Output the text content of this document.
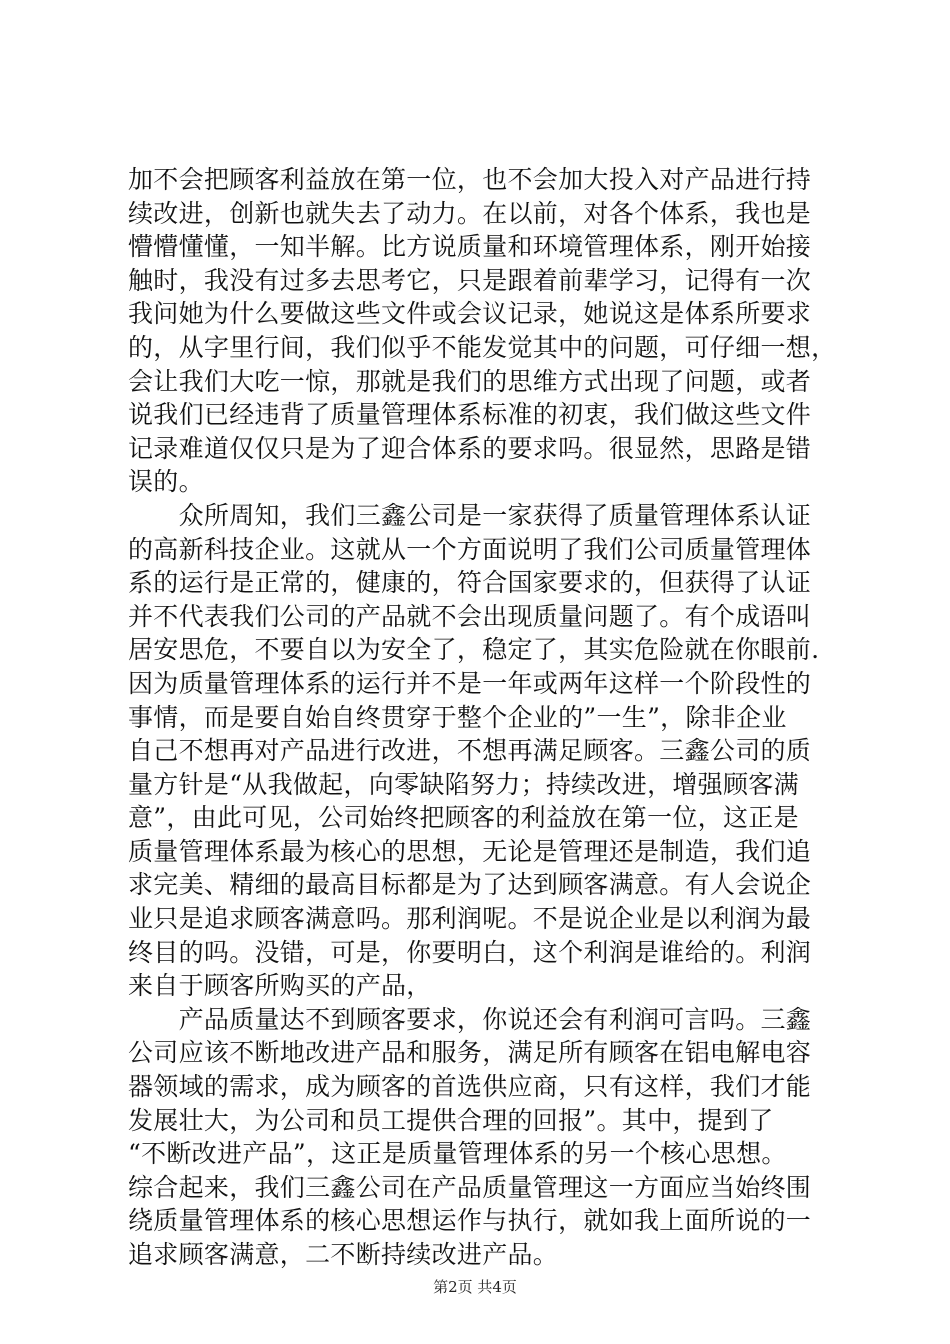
加不会把顾客利益放在第一位，也不会加大投入对产品进行持
续改进，创新也就失去了动力。在以前，对各个体系，我也是
懵懵懂懂，一知半解。比方说质量和环境管理体系，刚开始接
触时，我没有过多去思考它，只是跟着前辈学习，记得有一次
我问她为什么要做这些文件或会议记录，她说这是体系所要求
的，从字里行间，我们似乎不能发觉其中的问题，可仔细一想，
会让我们大吃一惊，那就是我们的思维方式出现了问题，或者
说我们已经违背了质量管理体系标准的初衷，我们做这些文件
记录难道仅仅只是为了迎合体系的要求吗。很显然，思路是错
误的。
　　众所周知，我们三鑫公司是一家获得了质量管理体系认证
的高新科技企业。这就从一个方面说明了我们公司质量管理体
系的运行是正常的，健康的，符合国家要求的，但获得了认证
并不代表我们公司的产品就不会出现质量问题了。有个成语叫
居安思危，不要自以为安全了，稳定了，其实危险就在你眼前.
因为质量管理体系的运行并不是一年或两年这样一个阶段性的
事情，而是要自始自终贯穿于整个企业的”一生”，除非企业
自己不想再对产品进行改进，不想再满足顾客。三鑫公司的质
量方针是“从我做起，向零缺陷努力；持续改进，增强顾客满
意”，由此可见，公司始终把顾客的利益放在第一位，这正是
质量管理体系最为核心的思想，无论是管理还是制造，我们追
求完美、精细的最高目标都是为了达到顾客满意。有人会说企
业只是追求顾客满意吗。那利润呢。不是说企业是以利润为最
终目的吗。没错，可是，你要明白，这个利润是谁给的。利润
来自于顾客所购买的产品，
　　产品质量达不到顾客要求，你说还会有利润可言吗。三鑫
公司应该不断地改进产品和服务，满足所有顾客在铝电解电容
器领域的需求，成为顾客的首选供应商，只有这样，我们才能
发展壮大，为公司和员工提供合理的回报”。其中，提到了
“不断改进产品”，这正是质量管理体系的另一个核心思想。
综合起来，我们三鑫公司在产品质量管理这一方面应当始终围
绕质量管理体系的核心思想运作与执行，就如我上面所说的一
追求顾客满意，二不断持续改进产品。
第2页 共4页
